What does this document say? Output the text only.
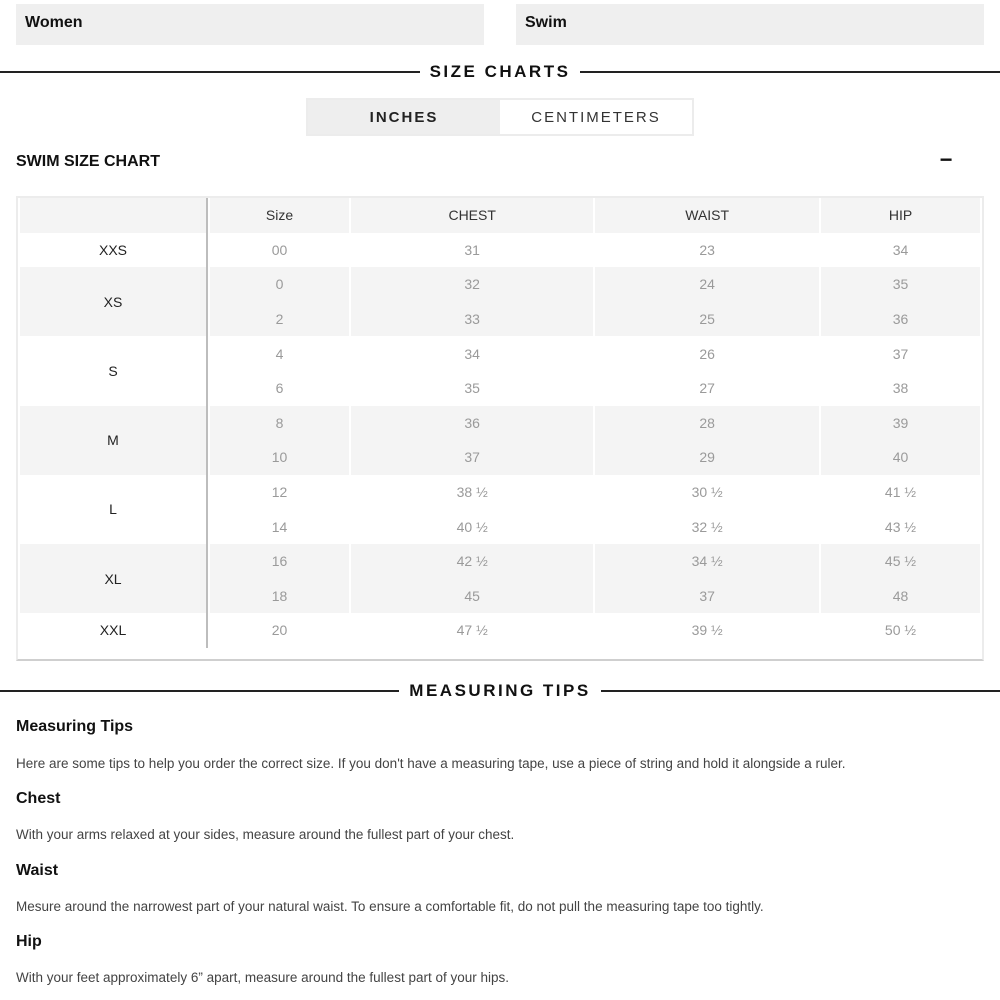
Women	Swim
SIZE CHARTS
INCHES	CENTIMETERS
SWIM SIZE CHART	−
	Size	CHEST	WAIST	HIP
XXS	00	31	23	34
XS	0	32	24	35
	2	33	25	36
S	4	34	26	37
	6	35	27	38
M	8	36	28	39
	10	37	29	40
L	12	38 ½	30 ½	41 ½
	14	40 ½	32 ½	43 ½
XL	16	42 ½	34 ½	45 ½
	18	45	37	48
XXL	20	47 ½	39 ½	50 ½
MEASURING TIPS
Measuring Tips
Here are some tips to help you order the correct size. If you don't have a measuring tape, use a piece of string and hold it alongside a ruler.
Chest
With your arms relaxed at your sides, measure around the fullest part of your chest.
Waist
Mesure around the narrowest part of your natural waist. To ensure a comfortable fit, do not pull the measuring tape too tightly.
Hip
With your feet approximately 6” apart, measure around the fullest part of your hips.
